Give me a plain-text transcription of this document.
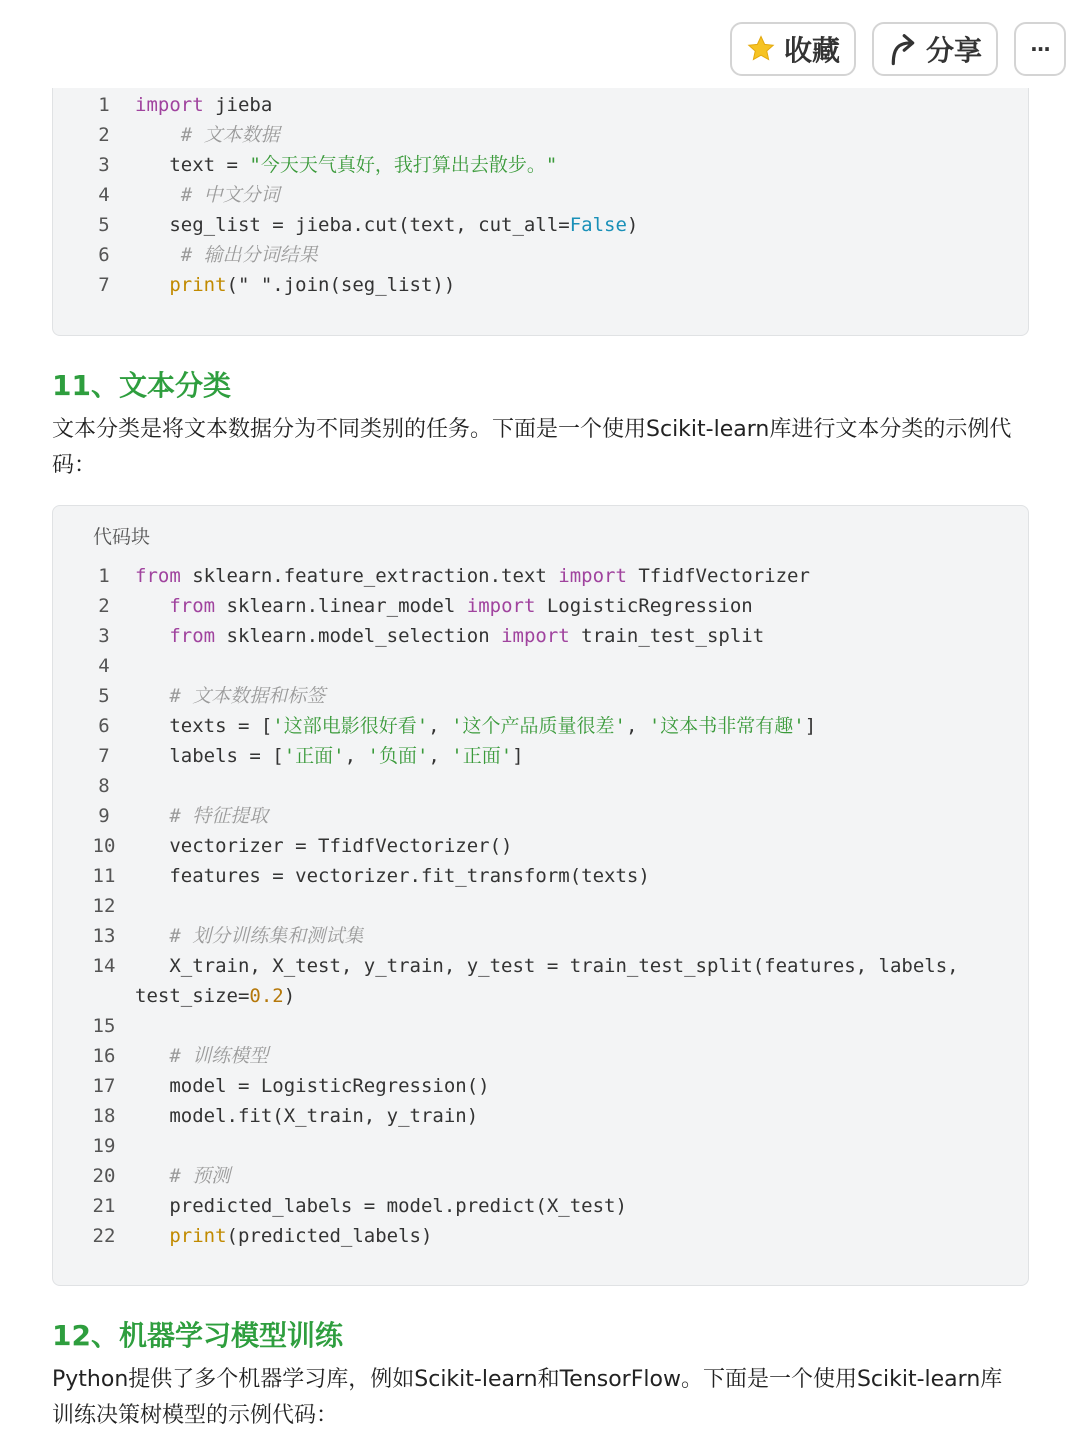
收藏	分享 ···
1	import jieba
2	# 文本数据
3	text = "今天天气真好，我打算出去散步。"
4	# 中文分词
5	seg_list = jieba.cut(text, cut_all=False)
6	# 输出分词结果
7	print(" ".join(seg_list))
11、文本分类
文本分类是将文本数据分为不同类别的任务。下面是一个使用Scikit-learn库进行文本分类的示例代码：
代码块
1	from sklearn.feature_extraction.text import TfidfVectorizer
2	from sklearn.linear_model import LogisticRegression
3	from sklearn.model_selection import train_test_split
4
5	# 文本数据和标签
6	texts = ['这部电影很好看', '这个产品质量很差', '这本书非常有趣']
7	labels = ['正面', '负面', '正面']
8
9	# 特征提取
10	vectorizer = TfidfVectorizer()
11	features = vectorizer.fit_transform(texts)
12
13	# 划分训练集和测试集
14	X_train, X_test, y_train, y_test = train_test_split(features, labels,
test_size=0.2)
15
16	# 训练模型
17	model = LogisticRegression()
18	model.fit(X_train, y_train)
19
20	# 预测
21	predicted_labels = model.predict(X_test)
22	print(predicted_labels)
12、机器学习模型训练
Python提供了多个机器学习库，例如Scikit-learn和TensorFlow。下面是一个使用Scikit-learn库训练决策树模型的示例代码：
